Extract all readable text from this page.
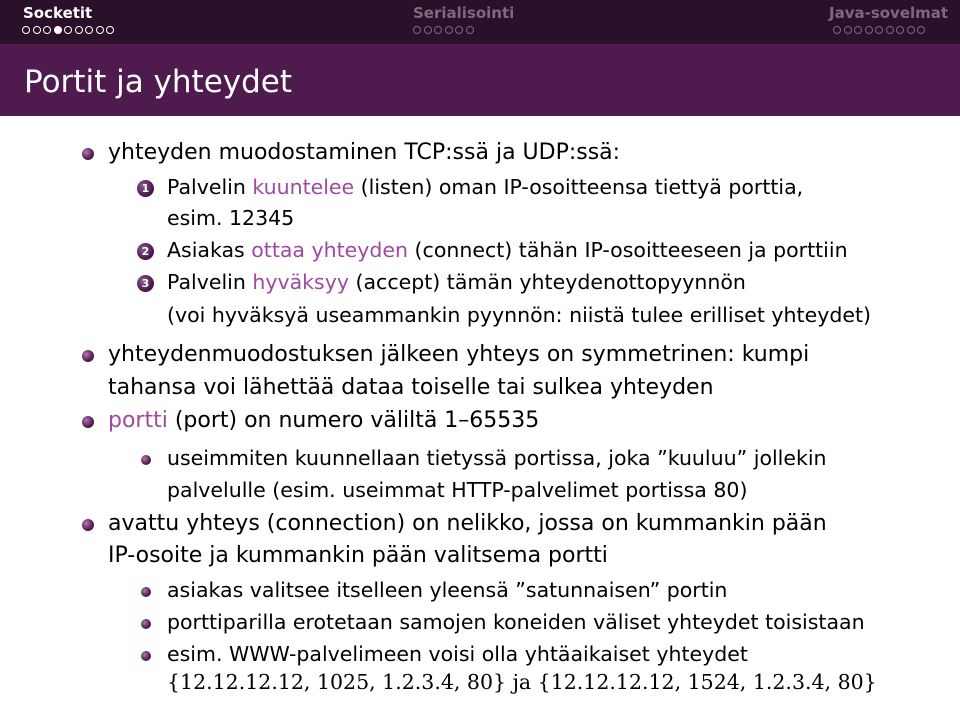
Socketit	Serialisointi	Java-sovelmat
Portit ja yhteydet
yhteyden muodostaminen TCP:ssä ja UDP:ssä:
1 Palvelin kuuntelee (listen) oman IP-osoitteensa tiettyä porttia,
esim. 12345
2 Asiakas ottaa yhteyden (connect) tähän IP-osoitteeseen ja porttiin
3 Palvelin hyväksyy (accept) tämän yhteydenottopyynnön
(voi hyväksyä useammankin pyynnön: niistä tulee erilliset yhteydet)
yhteydenmuodostuksen jälkeen yhteys on symmetrinen: kumpi
tahansa voi lähettää dataa toiselle tai sulkea yhteyden
portti (port) on numero väliltä 1–65535
useimmiten kuunnellaan tietyssä portissa, joka ”kuuluu” jollekin
palvelulle (esim. useimmat HTTP-palvelimet portissa 80)
avattu yhteys (connection) on nelikko, jossa on kummankin pään
IP-osoite ja kummankin pään valitsema portti
asiakas valitsee itselleen yleensä ”satunnaisen” portin
porttiparilla erotetaan samojen koneiden väliset yhteydet toisistaan
esim. WWW-palvelimeen voisi olla yhtäaikaiset yhteydet
{12.12.12.12, 1025, 1.2.3.4, 80} ja {12.12.12.12, 1524, 1.2.3.4, 80}
